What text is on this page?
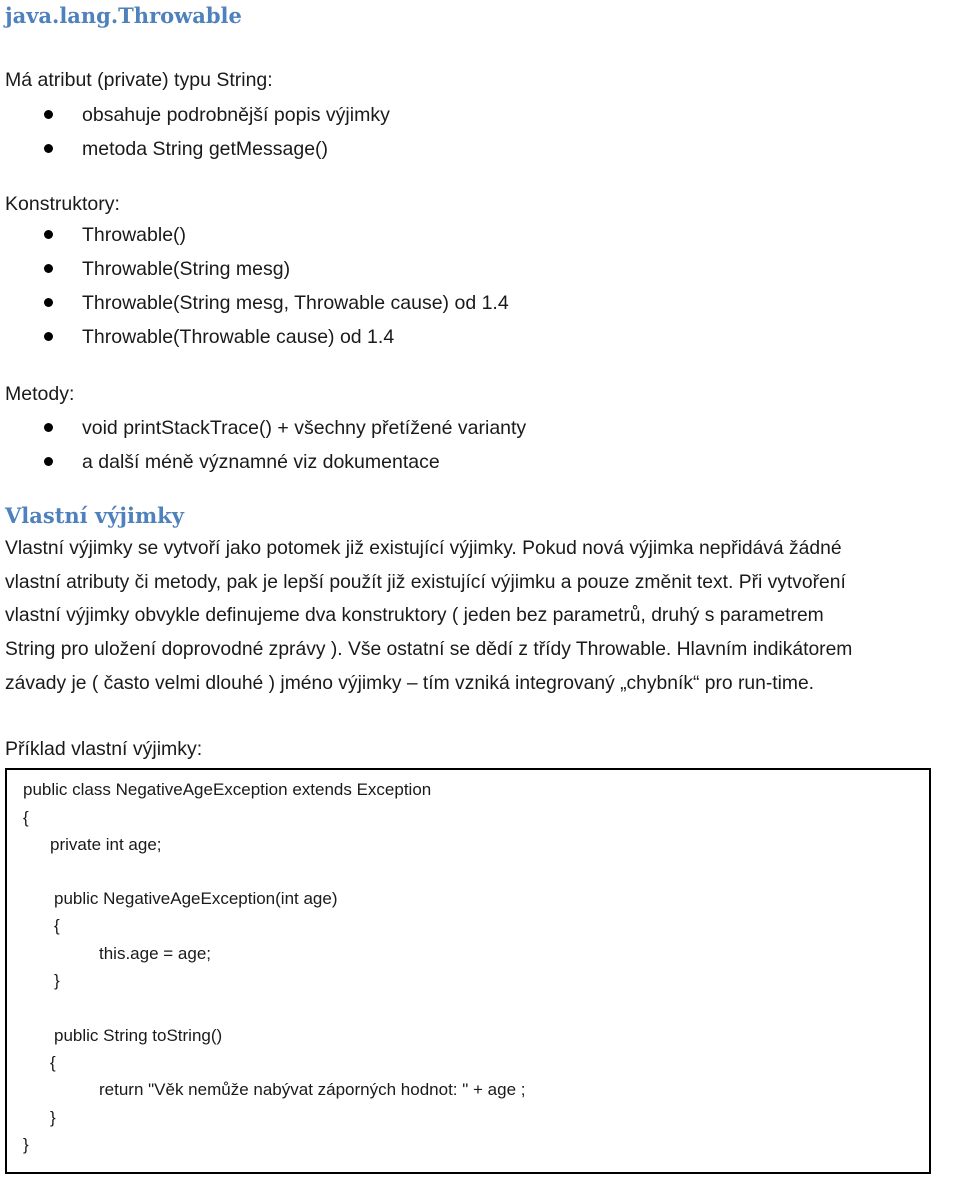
java.lang.Throwable

Má atribut (private) typu String:

obsahuje podrobnější popis výjimky
metoda String getMessage()

Konstruktory:

Throwable()
Throwable(String mesg)
Throwable(String mesg, Throwable cause) od 1.4
Throwable(Throwable cause) od 1.4

Metody:

void printStackTrace() + všechny přetížené varianty
a další méně významné viz dokumentace
Vlastní výjimky

Vlastní výjimky se vytvoří jako potomek již existující výjimky. Pokud nová výjimka nepřidává žádné
vlastní atributy či metody, pak je lepší použít již existující výjimku a pouze změnit text. Při vytvoření
vlastní výjimky obvykle definujeme dva konstruktory ( jeden bez parametrů, druhý s parametrem
String pro uložení doprovodné zprávy ). Vše ostatní se dědí z třídy Throwable. Hlavním indikátorem
závady je ( často velmi dlouhé ) jméno výjimky – tím vzniká integrovaný „chybník“ pro run-time.

Příklad vlastní výjimky:

public class NegativeAgeException extends Exception
{
private int age;
public NegativeAgeException(int age)
{
this.age = age;
}
public String toString()
{
return "Věk nemůže nabývat záporných hodnot: " + age ;
}
}
